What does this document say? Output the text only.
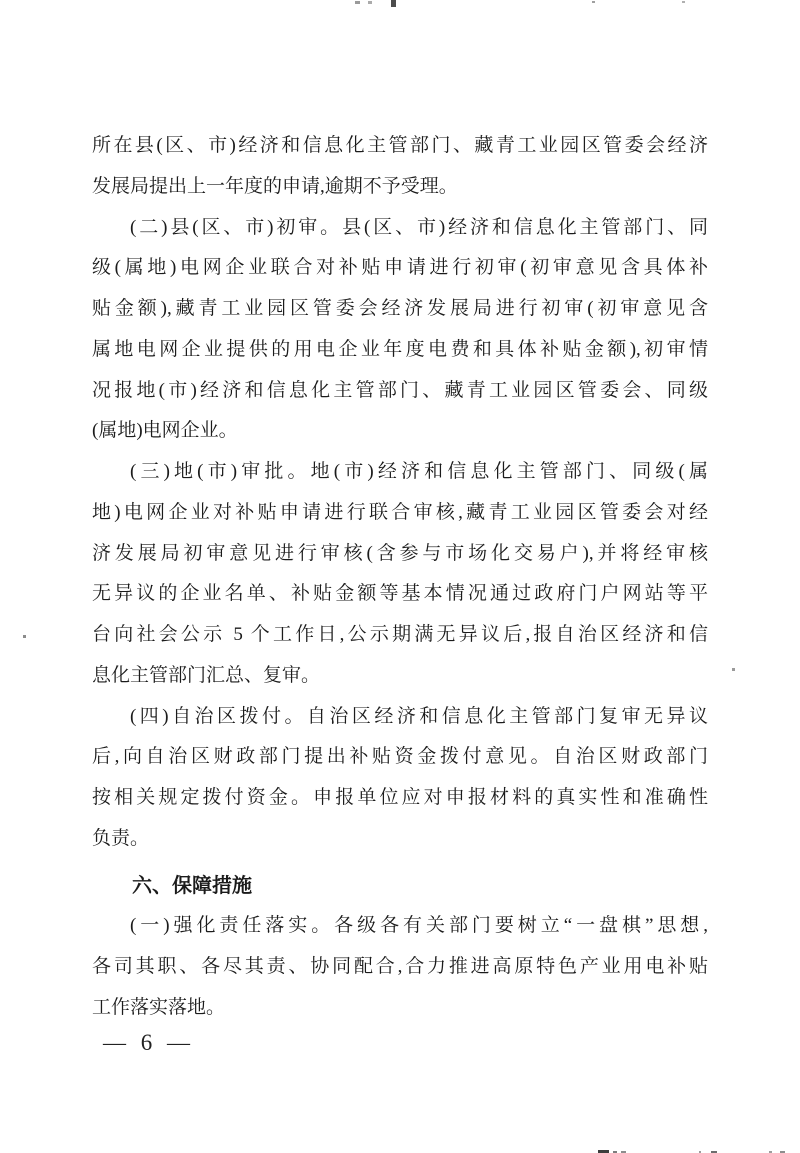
所在县(区、市)经济和信息化主管部门、藏青工业园区管委会经济
发展局提出上一年度的申请,逾期不予受理。
(二)县(区、市)初审。县(区、市)经济和信息化主管部门、同
级(属地)电网企业联合对补贴申请进行初审(初审意见含具体补
贴金额),藏青工业园区管委会经济发展局进行初审(初审意见含
属地电网企业提供的用电企业年度电费和具体补贴金额),初审情
况报地(市)经济和信息化主管部门、藏青工业园区管委会、同级
(属地)电网企业。
(三)地(市)审批。地(市)经济和信息化主管部门、同级(属
地)电网企业对补贴申请进行联合审核,藏青工业园区管委会对经
济发展局初审意见进行审核(含参与市场化交易户),并将经审核
无异议的企业名单、补贴金额等基本情况通过政府门户网站等平
台向社会公示 5 个工作日,公示期满无异议后,报自治区经济和信
息化主管部门汇总、复审。
(四)自治区拨付。自治区经济和信息化主管部门复审无异议
后,向自治区财政部门提出补贴资金拨付意见。自治区财政部门
按相关规定拨付资金。申报单位应对申报材料的真实性和准确性
负责。
六、保障措施
(一)强化责任落实。各级各有关部门要树立“一盘棋”思想,
各司其职、各尽其责、协同配合,合力推进高原特色产业用电补贴
工作落实落地。
— 6 —
